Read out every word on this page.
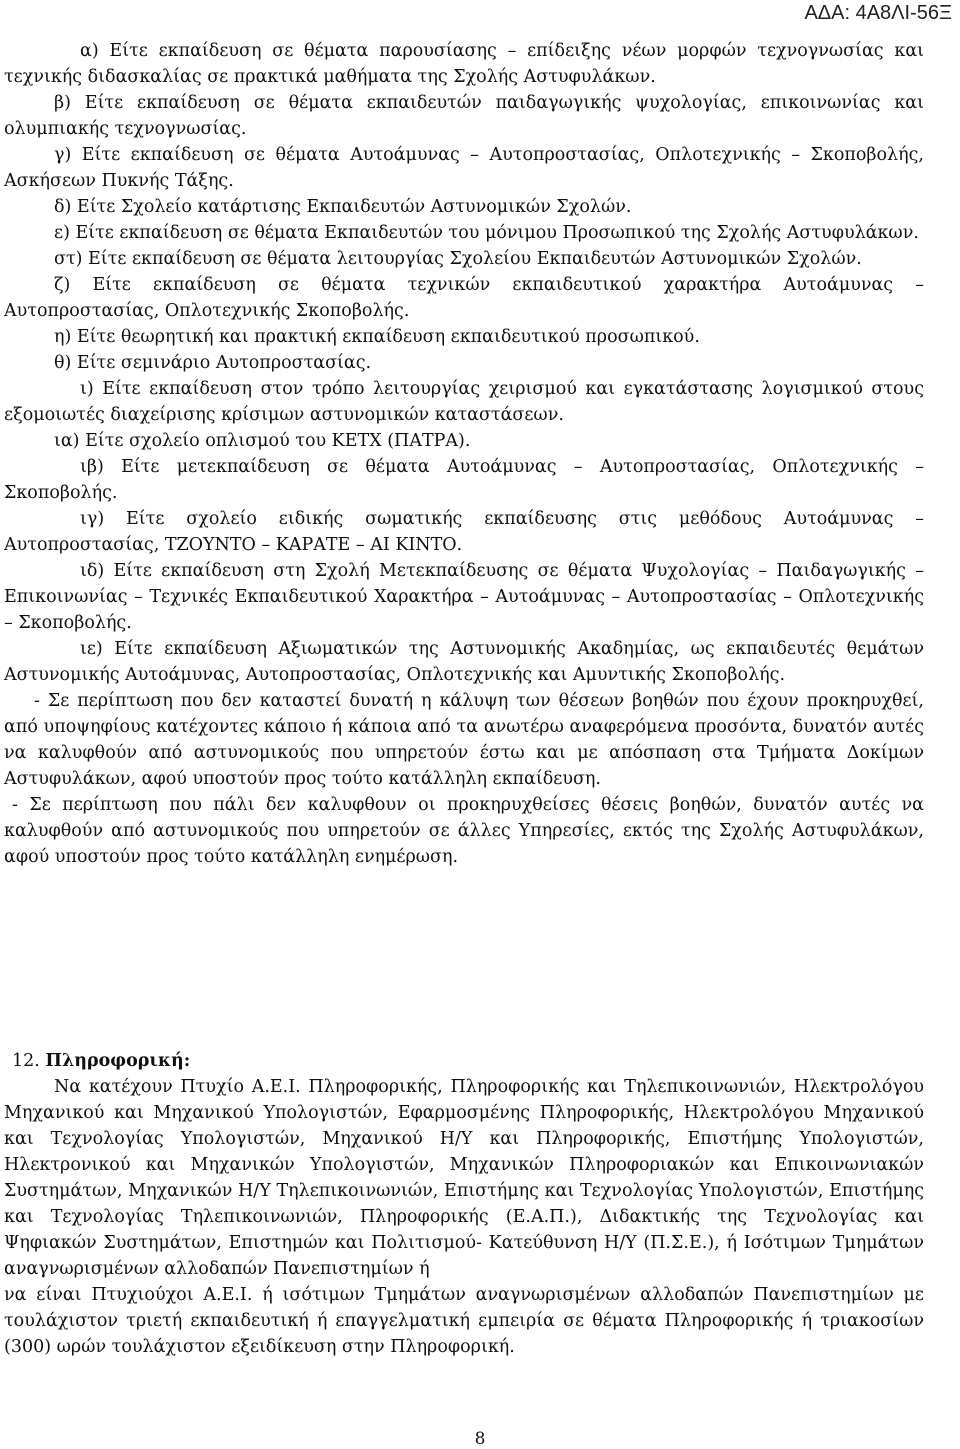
ΑΔΑ: 4Α8ΛΙ-56Ξ

α) Είτε εκπαίδευση σε θέματα παρουσίασης – επίδειξης νέων μορφών τεχνογνωσίας και τεχνικής διδασκαλίας σε πρακτικά μαθήματα της Σχολής Αστυφυλάκων.

β) Είτε εκπαίδευση σε θέματα εκπαιδευτών παιδαγωγικής ψυχολογίας, επικοινωνίας και ολυμπιακής τεχνογνωσίας.

γ) Είτε εκπαίδευση σε θέματα Αυτοάμυνας – Αυτοπροστασίας, Οπλοτεχνικής – Σκοποβολής, Ασκήσεων Πυκνής Τάξης.

δ) Είτε Σχολείο κατάρτισης Εκπαιδευτών Αστυνομικών Σχολών.

ε) Είτε εκπαίδευση σε θέματα Εκπαιδευτών του μόνιμου Προσωπικού της Σχολής Αστυφυλάκων.

στ) Είτε εκπαίδευση σε θέματα λειτουργίας Σχολείου Εκπαιδευτών Αστυνομικών Σχολών.

ζ) Είτε εκπαίδευση σε θέματα τεχνικών εκπαιδευτικού χαρακτήρα Αυτοάμυνας – Αυτοπροστασίας, Οπλοτεχνικής Σκοποβολής.

η) Είτε θεωρητική και πρακτική εκπαίδευση εκπαιδευτικού προσωπικού.

θ) Είτε σεμινάριο Αυτοπροστασίας.

ι) Είτε εκπαίδευση στον τρόπο λειτουργίας χειρισμού και εγκατάστασης λογισμικού στους εξομοιωτές διαχείρισης κρίσιμων αστυνομικών καταστάσεων.

ια) Είτε σχολείο οπλισμού του ΚΕΤΧ (ΠΑΤΡΑ).

ιβ) Είτε μετεκπαίδευση σε θέματα Αυτοάμυνας – Αυτοπροστασίας, Οπλοτεχνικής – Σκοποβολής.

ιγ) Είτε σχολείο ειδικής σωματικής εκπαίδευσης στις μεθόδους Αυτοάμυνας – Αυτοπροστασίας, ΤΖΟΥΝΤΟ – ΚΑΡΑΤΕ – ΑΙ ΚΙΝΤΟ.

ιδ) Είτε εκπαίδευση στη Σχολή Μετεκπαίδευσης σε θέματα Ψυχολογίας – Παιδαγωγικής – Επικοινωνίας – Τεχνικές Εκπαιδευτικού Χαρακτήρα – Αυτοάμυνας – Αυτοπροστασίας – Οπλοτεχνικής – Σκοποβολής.

ιε) Είτε εκπαίδευση Αξιωματικών της Αστυνομικής Ακαδημίας, ως εκπαιδευτές θεμάτων Αστυνομικής Αυτοάμυνας, Αυτοπροστασίας, Οπλοτεχνικής και Αμυντικής Σκοποβολής.

- Σε περίπτωση που δεν καταστεί δυνατή η κάλυψη των θέσεων βοηθών που έχουν προκηρυχθεί, από υποψηφίους κατέχοντες κάποιο ή κάποια από τα ανωτέρω αναφερόμενα προσόντα, δυνατόν αυτές να καλυφθούν από αστυνομικούς που υπηρετούν έστω και με απόσπαση στα Τμήματα Δοκίμων Αστυφυλάκων, αφού υποστούν προς τούτο κατάλληλη εκπαίδευση.

- Σε περίπτωση που πάλι δεν καλυφθουν οι προκηρυχθείσες θέσεις βοηθών, δυνατόν αυτές να καλυφθούν από αστυνομικούς που υπηρετούν σε άλλες Υπηρεσίες, εκτός της Σχολής Αστυφυλάκων, αφού υποστούν προς τούτο κατάλληλη ενημέρωση.

12. Πληροφορική:

Να κατέχουν Πτυχίο Α.Ε.Ι. Πληροφορικής, Πληροφορικής και Τηλεπικοινωνιών, Ηλεκτρολόγου Μηχανικού και Μηχανικού Υπολογιστών, Εφαρμοσμένης Πληροφορικής, Ηλεκτρολόγου Μηχανικού και Τεχνολογίας Υπολογιστών, Μηχανικού Η/Υ και Πληροφορικής, Επιστήμης Υπολογιστών, Ηλεκτρονικού και Μηχανικών Υπολογιστών, Μηχανικών Πληροφοριακών και Επικοινωνιακών Συστημάτων, Μηχανικών Η/Υ Τηλεπικοινωνιών, Επιστήμης και Τεχνολογίας Υπολογιστών, Επιστήμης και Τεχνολογίας Τηλεπικοινωνιών, Πληροφορικής (Ε.Α.Π.), Διδακτικής της Τεχνολογίας και Ψηφιακών Συστημάτων, Επιστημών και Πολιτισμού- Κατεύθυνση Η/Υ (Π.Σ.Ε.), ή Ισότιμων Τμημάτων αναγνωρισμένων αλλοδαπών Πανεπιστημίων ή

να είναι Πτυχιούχοι Α.Ε.Ι. ή ισότιμων Τμημάτων αναγνωρισμένων αλλοδαπών Πανεπιστημίων με τουλάχιστον τριετή εκπαιδευτική ή επαγγελματική εμπειρία σε θέματα Πληροφορικής ή τριακοσίων (300) ωρών τουλάχιστον εξειδίκευση στην Πληροφορική.

8
